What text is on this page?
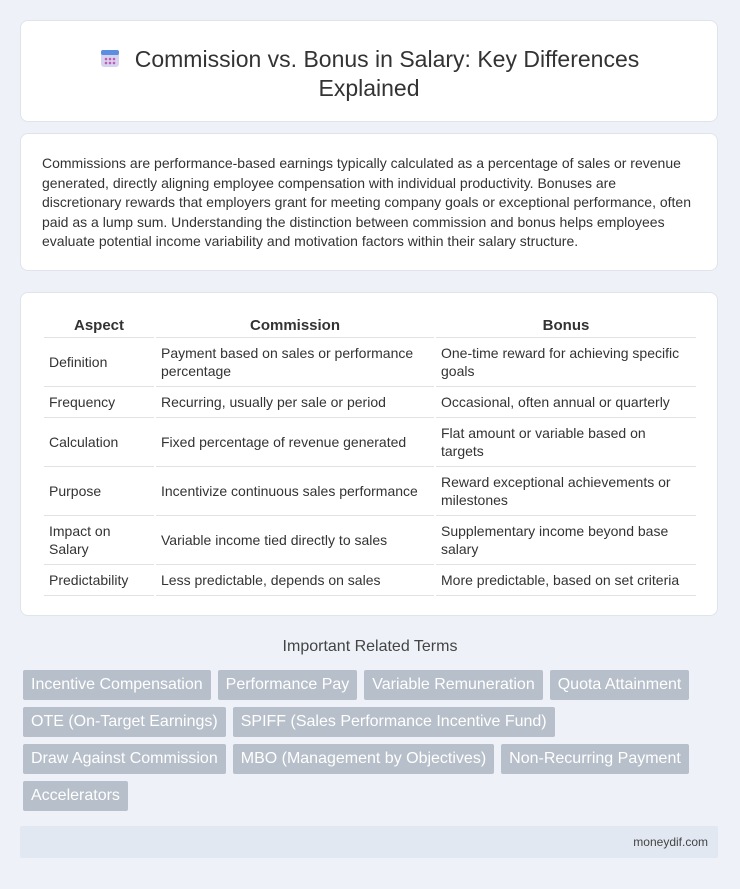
Commission vs. Bonus in Salary: Key Differences Explained
Commissions are performance-based earnings typically calculated as a percentage of sales or revenue generated, directly aligning employee compensation with individual productivity. Bonuses are discretionary rewards that employers grant for meeting company goals or exceptional performance, often paid as a lump sum. Understanding the distinction between commission and bonus helps employees evaluate potential income variability and motivation factors within their salary structure.
Aspect	Commission	Bonus
Definition	Payment based on sales or performance percentage	One-time reward for achieving specific goals
Frequency	Recurring, usually per sale or period	Occasional, often annual or quarterly
Calculation	Fixed percentage of revenue generated	Flat amount or variable based on targets
Purpose	Incentivize continuous sales performance	Reward exceptional achievements or milestones
Impact on Salary	Variable income tied directly to sales	Supplementary income beyond base salary
Predictability	Less predictable, depends on sales	More predictable, based on set criteria
Important Related Terms
Incentive Compensation	Performance Pay	Variable Remuneration	Quota Attainment
OTE (On-Target Earnings)	SPIFF (Sales Performance Incentive Fund)
Draw Against Commission	MBO (Management by Objectives)	Non-Recurring Payment
Accelerators
moneydif.com
